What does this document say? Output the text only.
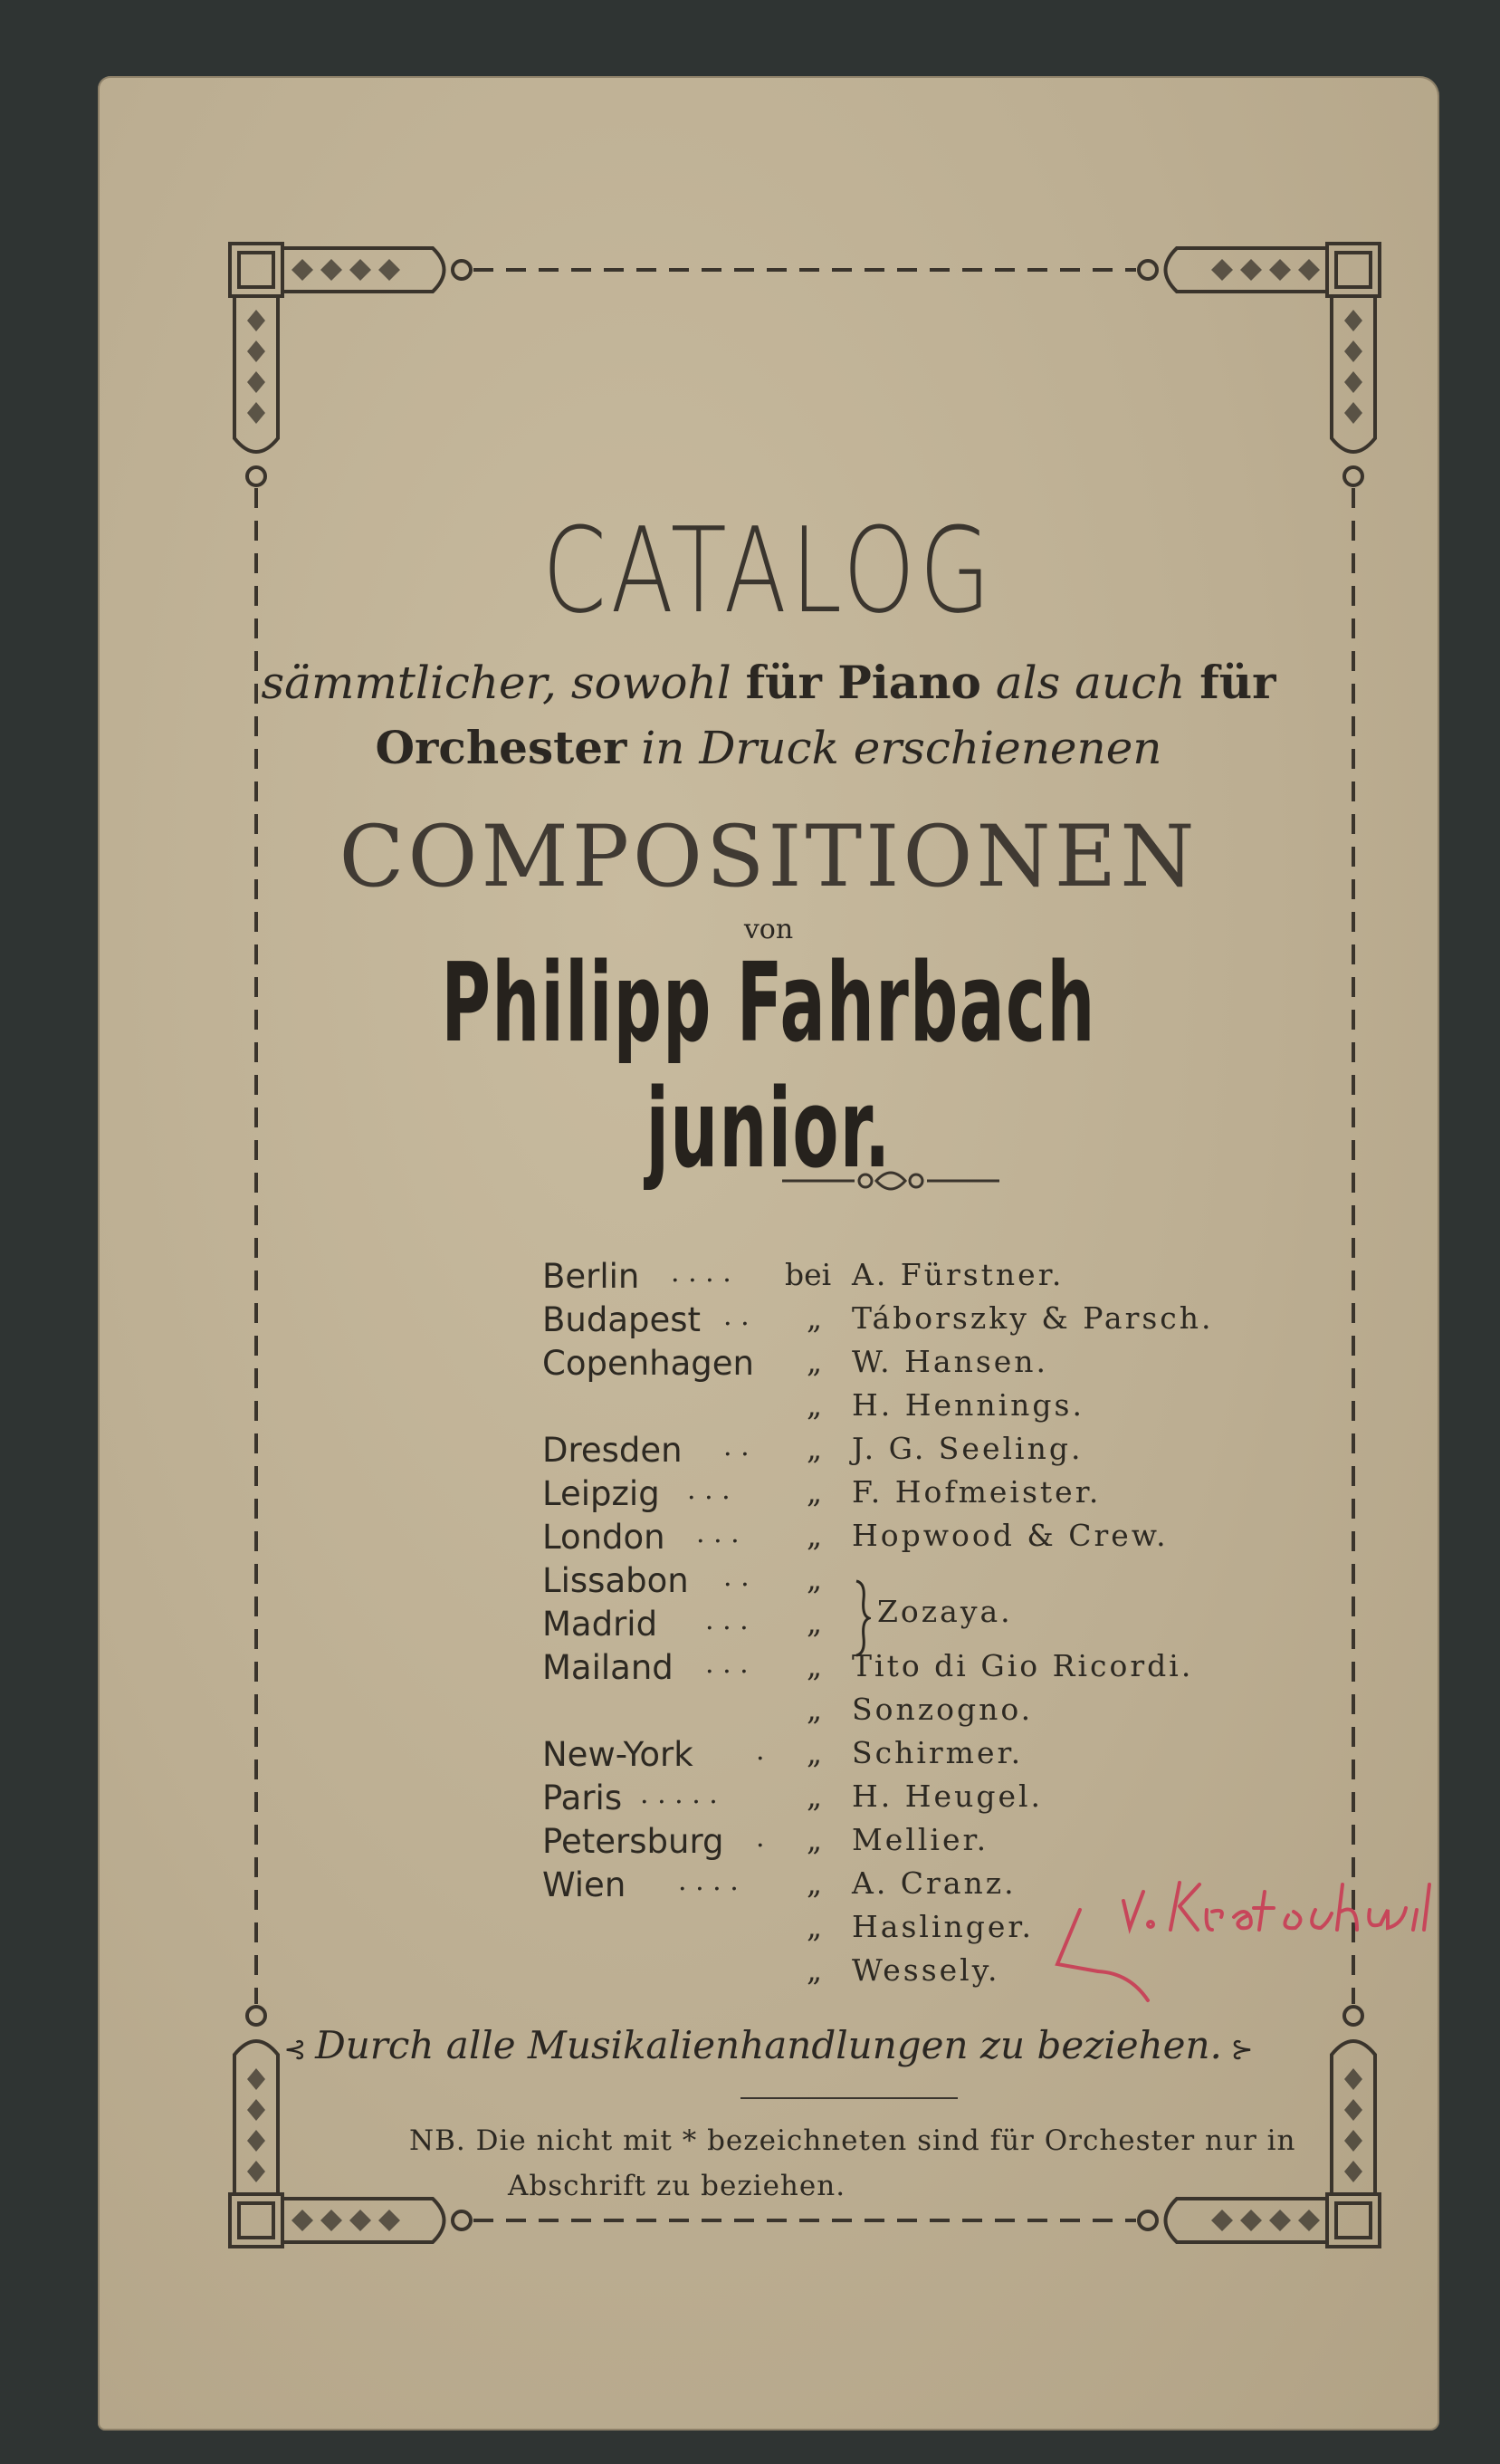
CATALOG
sämmtlicher, sowohl für Piano als auch für
Orchester in Druck erschienenen
COMPOSITIONEN
von
Philipp Fahrbach junior.
Berlin . . . . bei A. Fürstner.
Budapest . . „ Táborszky & Parsch.
Copenhagen „ W. Hansen.
„ H. Hennings.
Dresden . . „ J. G. Seeling.
Leipzig . . .	„ F. Hofmeister.
London . . . „ Hopwood & Crew.
Lissabon . . „
Madrid . . . „
Mailand . . . „ Tito di Gio Ricordi.
„ Sonzogno.
New-York . „ Schirmer.
Paris . . . . .	„ H. Heugel.
Petersburg . „ Mellier.
Wien . . . . „ A. Cranz.
„ Haslinger.
„ Wessely.
Zozaya.
⊰ Durch alle Musikalienhandlungen zu beziehen. ⊱
NB. Die nicht mit * bezeichneten sind für Orchester nur in
Abschrift zu beziehen.
